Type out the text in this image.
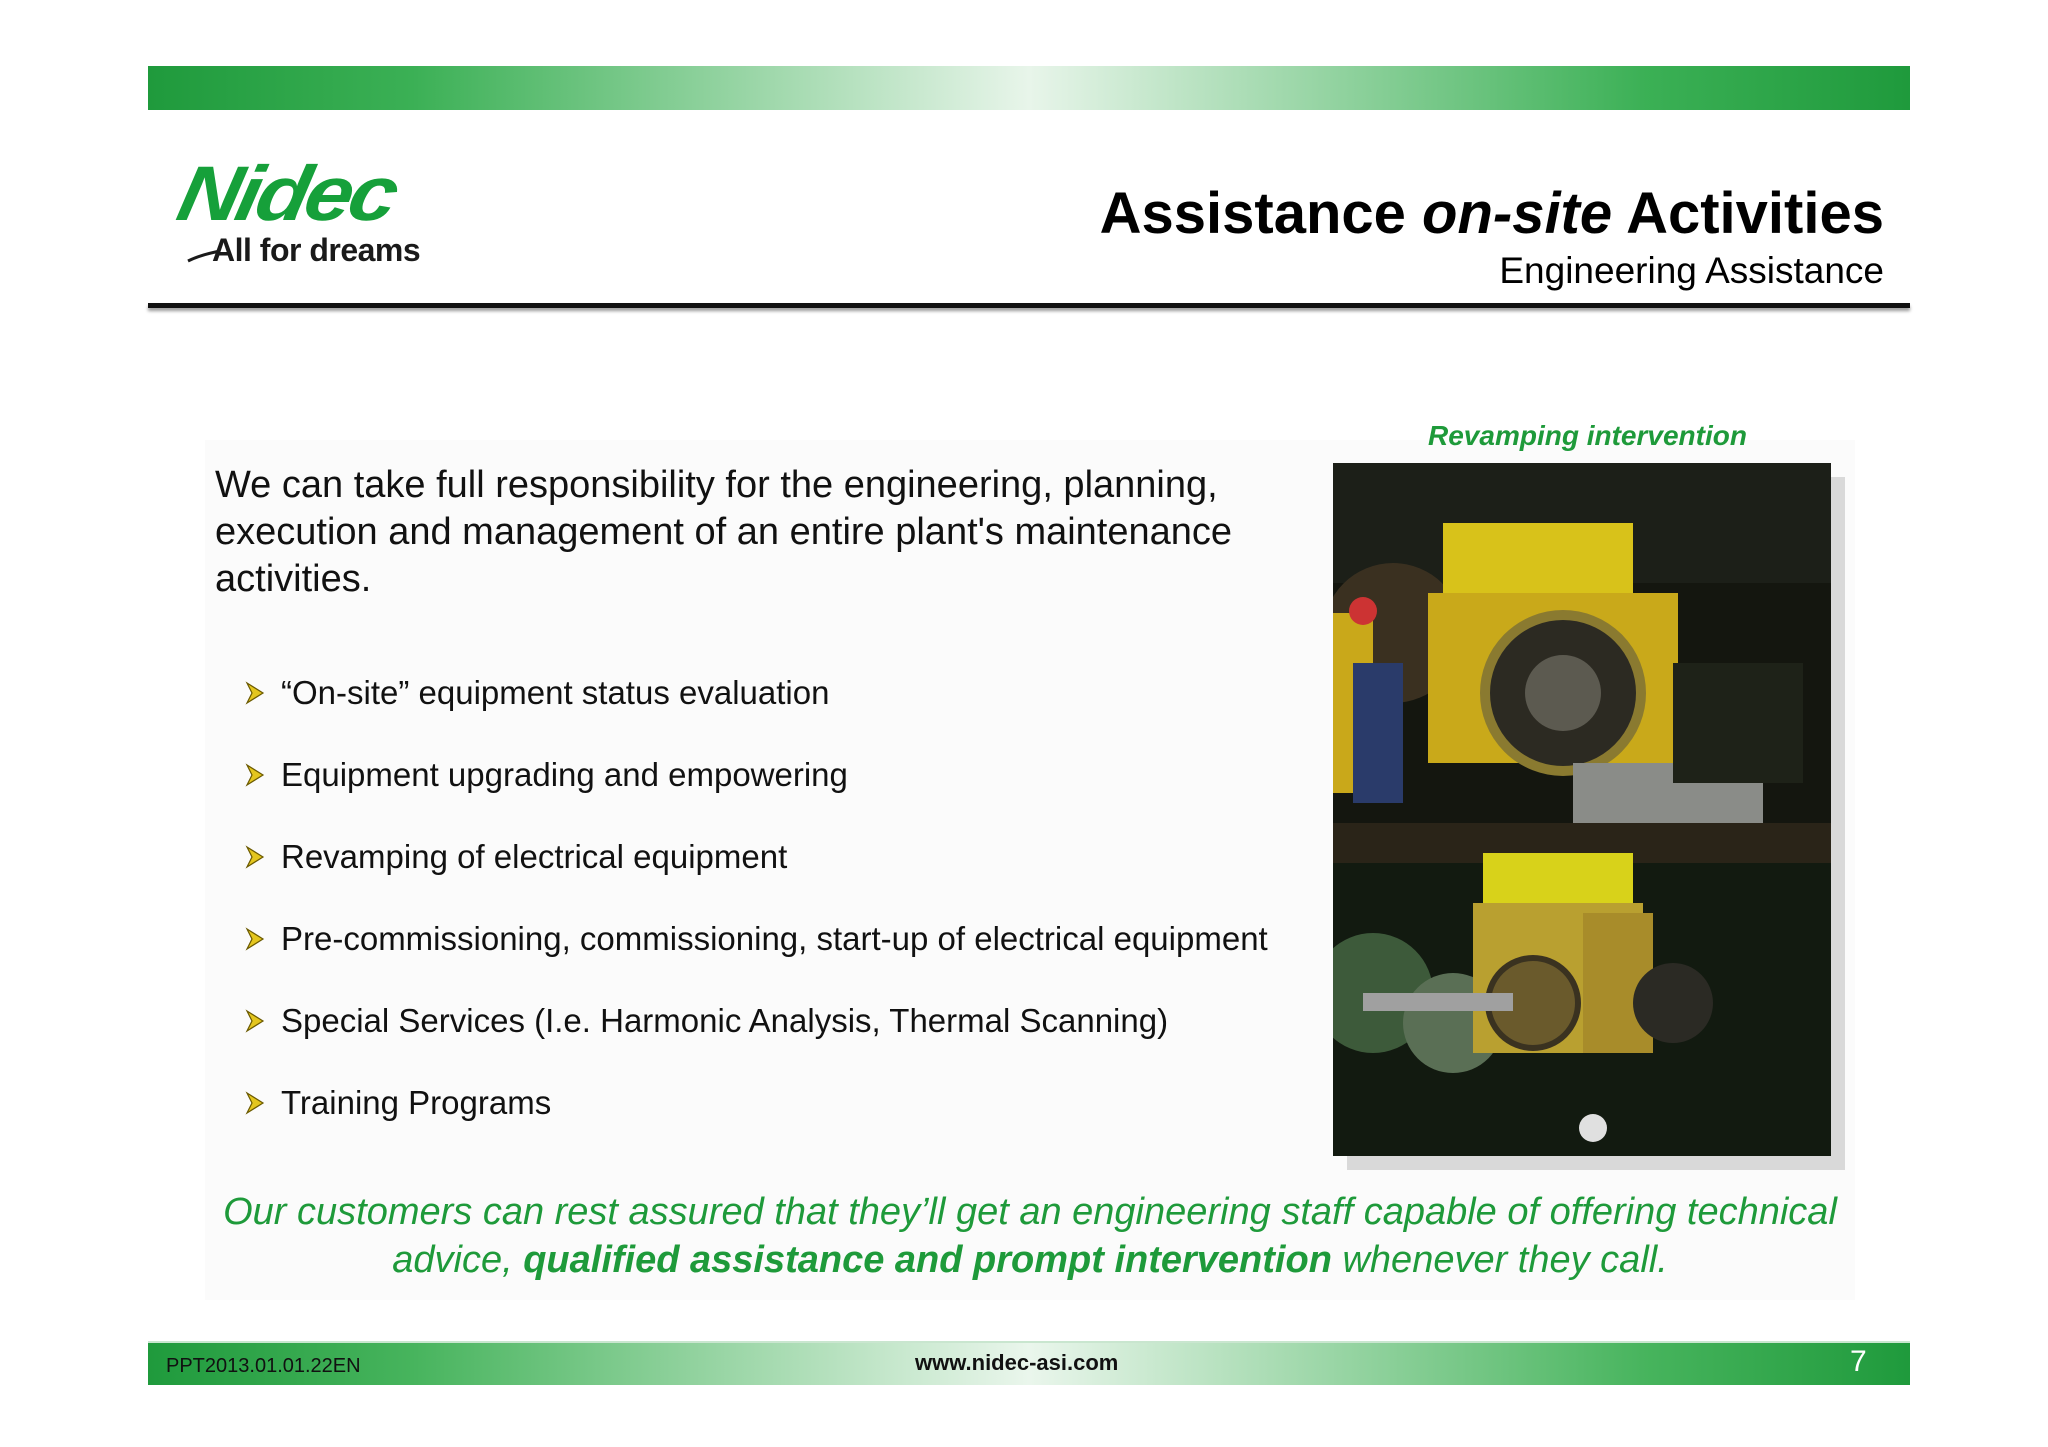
Nidec
All for dreams
Assistance on-site Activities
Engineering Assistance

We can take full responsibility for the engineering, planning, execution and management of an entire plant's maintenance activities.

“On-site” equipment status evaluation
Equipment upgrading and empowering
Revamping of electrical equipment
Pre-commissioning, commissioning, start-up of electrical equipment
Special Services (I.e. Harmonic Analysis, Thermal Scanning)
Training Programs
Revamping intervention

Our customers can rest assured that they’ll get an engineering staff capable of offering technical advice, qualified assistance and prompt intervention whenever they call.

PPT2013.01.01.22EN	www.nidec-asi.com	7
